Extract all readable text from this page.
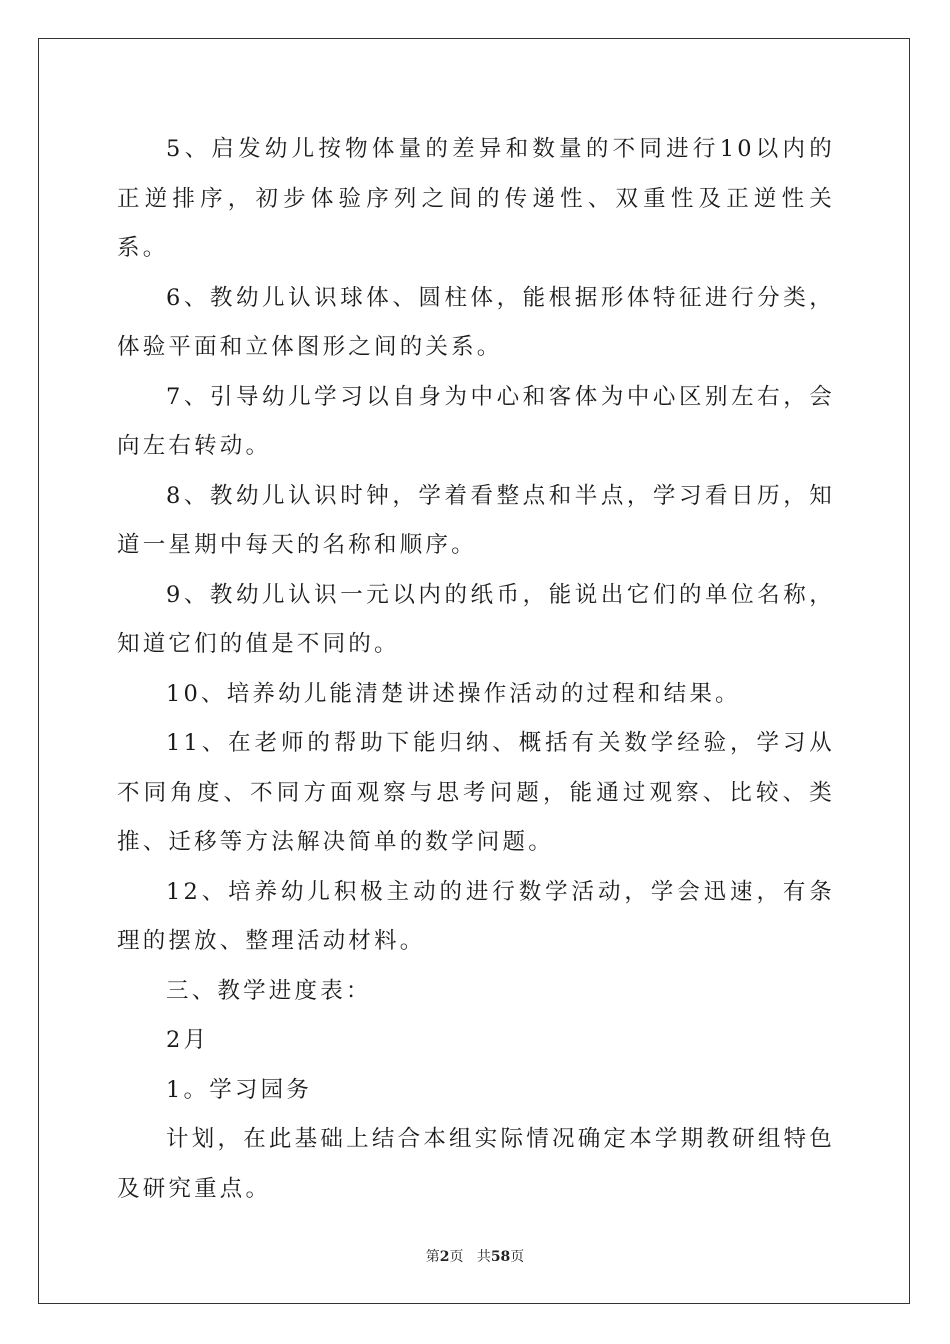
5、启发幼儿按物体量的差异和数量的不同进行10以内的正逆排序，初步体验序列之间的传递性、双重性及正逆性关系。

6、教幼儿认识球体、圆柱体，能根据形体特征进行分类，体验平面和立体图形之间的关系。

7、引导幼儿学习以自身为中心和客体为中心区别左右，会向左右转动。

8、教幼儿认识时钟，学着看整点和半点，学习看日历，知道一星期中每天的名称和顺序。

9、教幼儿认识一元以内的纸币，能说出它们的单位名称，知道它们的值是不同的。

10、培养幼儿能清楚讲述操作活动的过程和结果。

11、在老师的帮助下能归纳、概括有关数学经验，学习从不同角度、不同方面观察与思考问题，能通过观察、比较、类推、迁移等方法解决简单的数学问题。

12、培养幼儿积极主动的进行数学活动，学会迅速，有条理的摆放、整理活动材料。

三、教学进度表：

2月

1。学习园务

计划，在此基础上结合本组实际情况确定本学期教研组特色及研究重点。

第2页 共58页
